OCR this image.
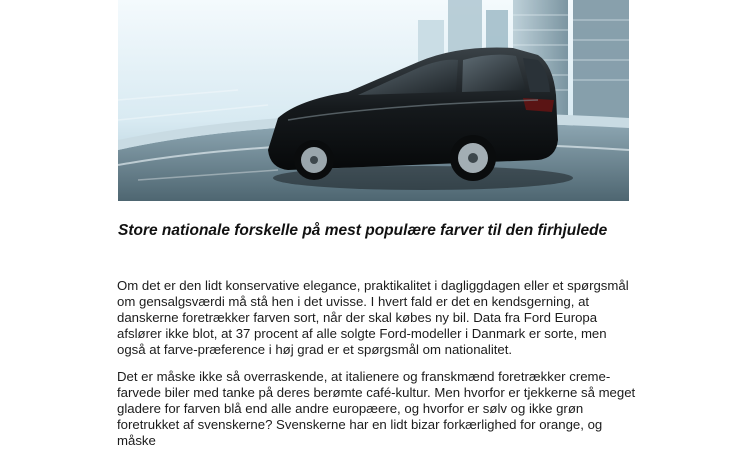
Store nationale forskelle på mest populære farver til den firhjulede

Om det er den lidt konservative elegance, praktikalitet i dagliggdagen eller et spørgsmål om gensalgsværdi må stå hen i det uvisse. I hvert fald er det en kendsgerning, at danskerne foretrækker farven sort, når der skal købes ny bil. Data fra Ford Europa afslører ikke blot, at 37 procent af alle solgte Ford-modeller i Danmark er sorte, men også at farve-præference i høj grad er et spørgsmål om nationalitet.

Det er måske ikke så overraskende, at italienere og franskmænd foretrækker creme-farvede biler med tanke på deres berømte café-kultur. Men hvorfor er tjekkerne så meget gladere for farven blå end alle andre europæere, og hvorfor er sølv og ikke grøn foretrukket af svenskerne? Svenskerne har en lidt bizar forkærlighed for orange, og måske
